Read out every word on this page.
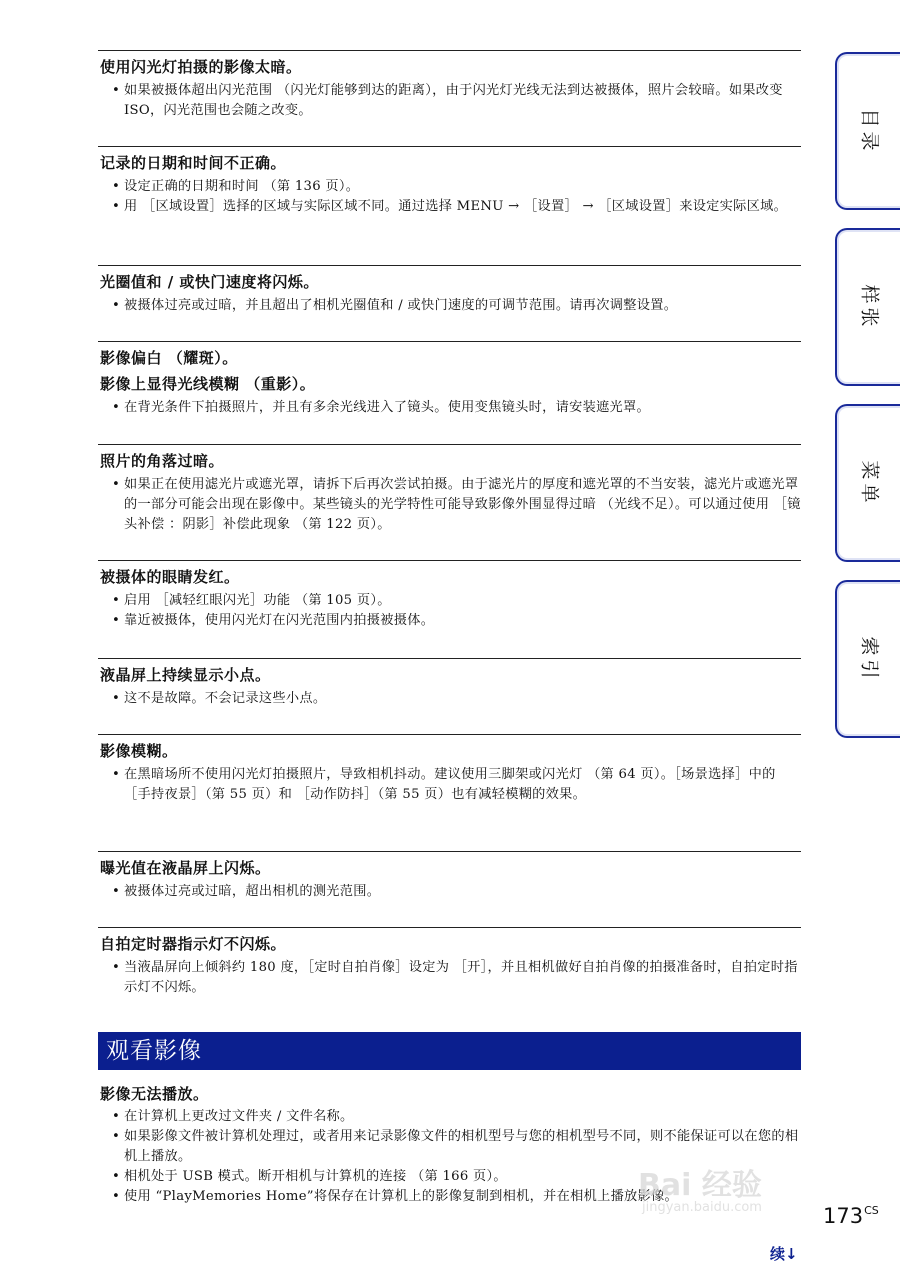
使用闪光灯拍摄的影像太暗。
• 如果被摄体超出闪光范围 （闪光灯能够到达的距离），由于闪光灯光线无法到达被摄体，照片会较暗。如果改变 ISO，闪光范围也会随之改变。
记录的日期和时间不正确。
• 设定正确的日期和时间 （第 136 页）。
• 用 ［区域设置］选择的区域与实际区域不同。通过选择 MENU → ［设置］ → ［区域设置］来设定实际区域。
光圈值和 / 或快门速度将闪烁。
• 被摄体过亮或过暗，并且超出了相机光圈值和 / 或快门速度的可调节范围。请再次调整设置。
影像偏白 （耀斑）。
影像上显得光线模糊 （重影）。
• 在背光条件下拍摄照片，并且有多余光线进入了镜头。使用变焦镜头时，请安装遮光罩。
照片的角落过暗。
• 如果正在使用滤光片或遮光罩，请拆下后再次尝试拍摄。由于滤光片的厚度和遮光罩的不当安装，滤光片或遮光罩的一部分可能会出现在影像中。某些镜头的光学特性可能导致影像外围显得过暗 （光线不足）。可以通过使用 ［镜头补偿 ：阴影］补偿此现象 （第 122 页）。
被摄体的眼睛发红。
• 启用 ［减轻红眼闪光］功能 （第 105 页）。
• 靠近被摄体，使用闪光灯在闪光范围内拍摄被摄体。
液晶屏上持续显示小点。
• 这不是故障。不会记录这些小点。
影像模糊。
• 在黑暗场所不使用闪光灯拍摄照片，导致相机抖动。建议使用三脚架或闪光灯 （第 64 页）。［场景选择］中的 ［手持夜景］（第 55 页）和 ［动作防抖］（第 55 页）也有减轻模糊的效果。
曝光值在液晶屏上闪烁。
• 被摄体过亮或过暗，超出相机的测光范围。
自拍定时器指示灯不闪烁。
• 当液晶屏向上倾斜约 180 度，［定时自拍肖像］设定为 ［开］，并且相机做好自拍肖像的拍摄准备时，自拍定时指示灯不闪烁。
观看影像
影像无法播放。
• 在计算机上更改过文件夹 / 文件名称。
• 如果影像文件被计算机处理过，或者用来记录影像文件的相机型号与您的相机型号不同，则不能保证可以在您的相机上播放。
• 相机处于 USB 模式。断开相机与计算机的连接 （第 166 页）。
• 使用 “PlayMemories Home”将保存在计算机上的影像复制到相机，并在相机上播放影像。
目录
样张
菜单
索引
$173^{CS}$
续↓
Bai 经验
jingyan.baidu.com
